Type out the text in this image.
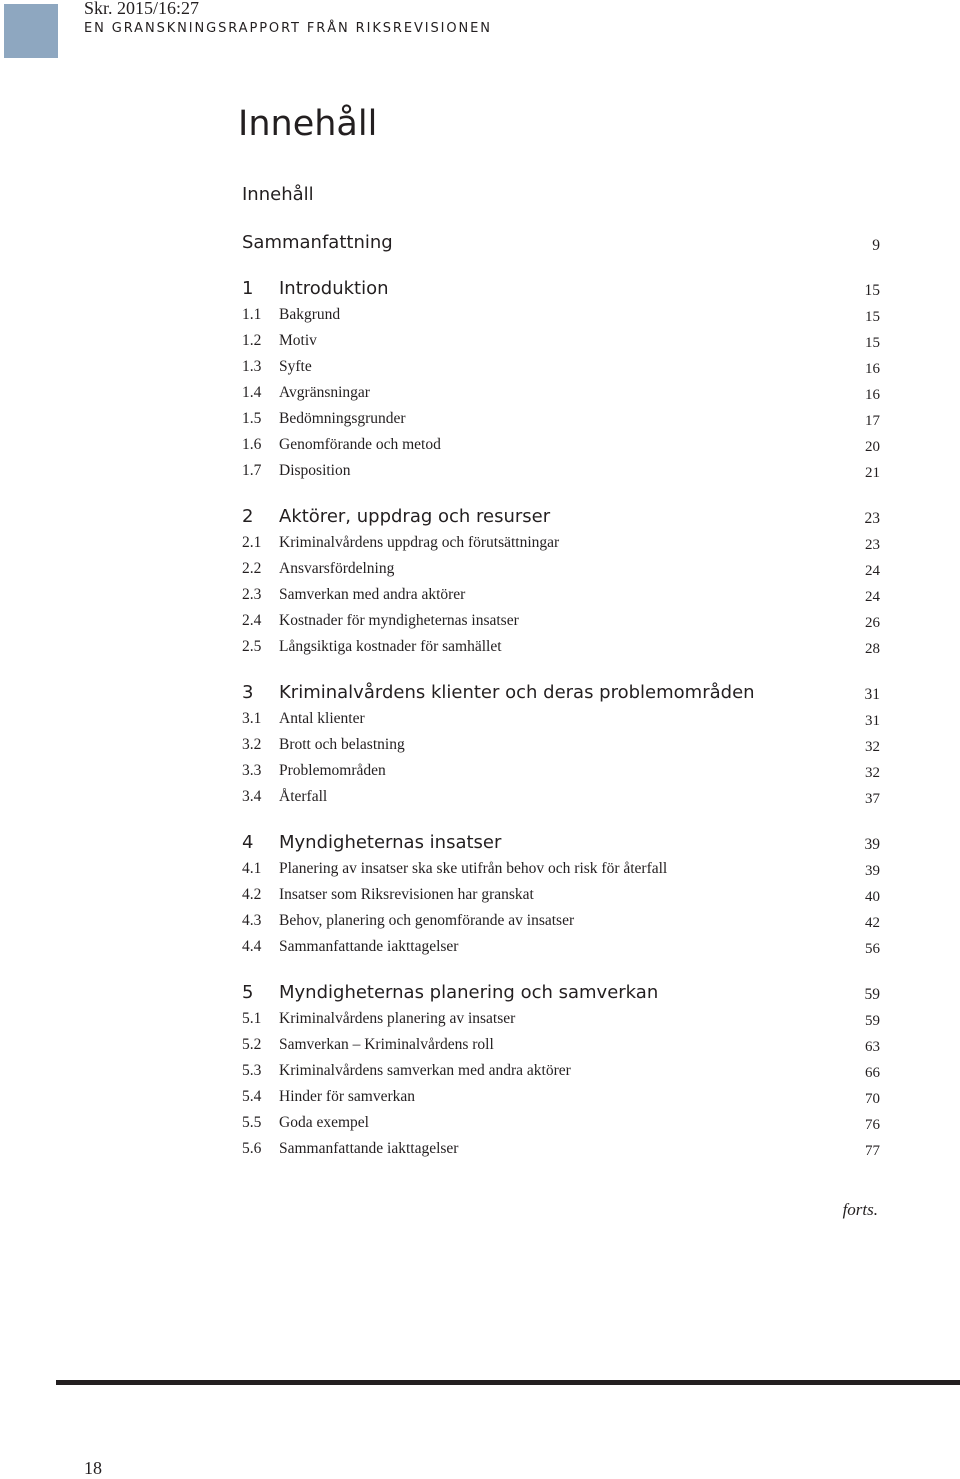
Skr. 2015/16:27
EN GRANSKNINGSRAPPORT FRÅN RIKSREVISIONEN
Innehåll
Innehåll
Sammanfattning	9
1	Introduktion	15
1.1	Bakgrund	15
1.2	Motiv	15
1.3	Syfte	16
1.4	Avgränsningar	16
1.5	Bedömningsgrunder	17
1.6	Genomförande och metod	20
1.7	Disposition	21
2	Aktörer, uppdrag och resurser	23
2.1	Kriminalvårdens uppdrag och förutsättningar	23
2.2	Ansvarsfördelning	24
2.3	Samverkan med andra aktörer	24
2.4	Kostnader för myndigheternas insatser	26
2.5	Långsiktiga kostnader för samhället	28
3	Kriminalvårdens klienter och deras problemområden	31
3.1	Antal klienter	31
3.2	Brott och belastning	32
3.3	Problemområden	32
3.4	Återfall	37
4	Myndigheternas insatser	39
4.1	Planering av insatser ska ske utifrån behov och risk för återfall	39
4.2	Insatser som Riksrevisionen har granskat	40
4.3	Behov, planering och genomförande av insatser	42
4.4	Sammanfattande iakttagelser	56
5	Myndigheternas planering och samverkan	59
5.1	Kriminalvårdens planering av insatser	59
5.2	Samverkan – Kriminalvårdens roll	63
5.3	Kriminalvårdens samverkan med andra aktörer	66
5.4	Hinder för samverkan	70
5.5	Goda exempel	76
5.6	Sammanfattande iakttagelser	77
forts.
18
